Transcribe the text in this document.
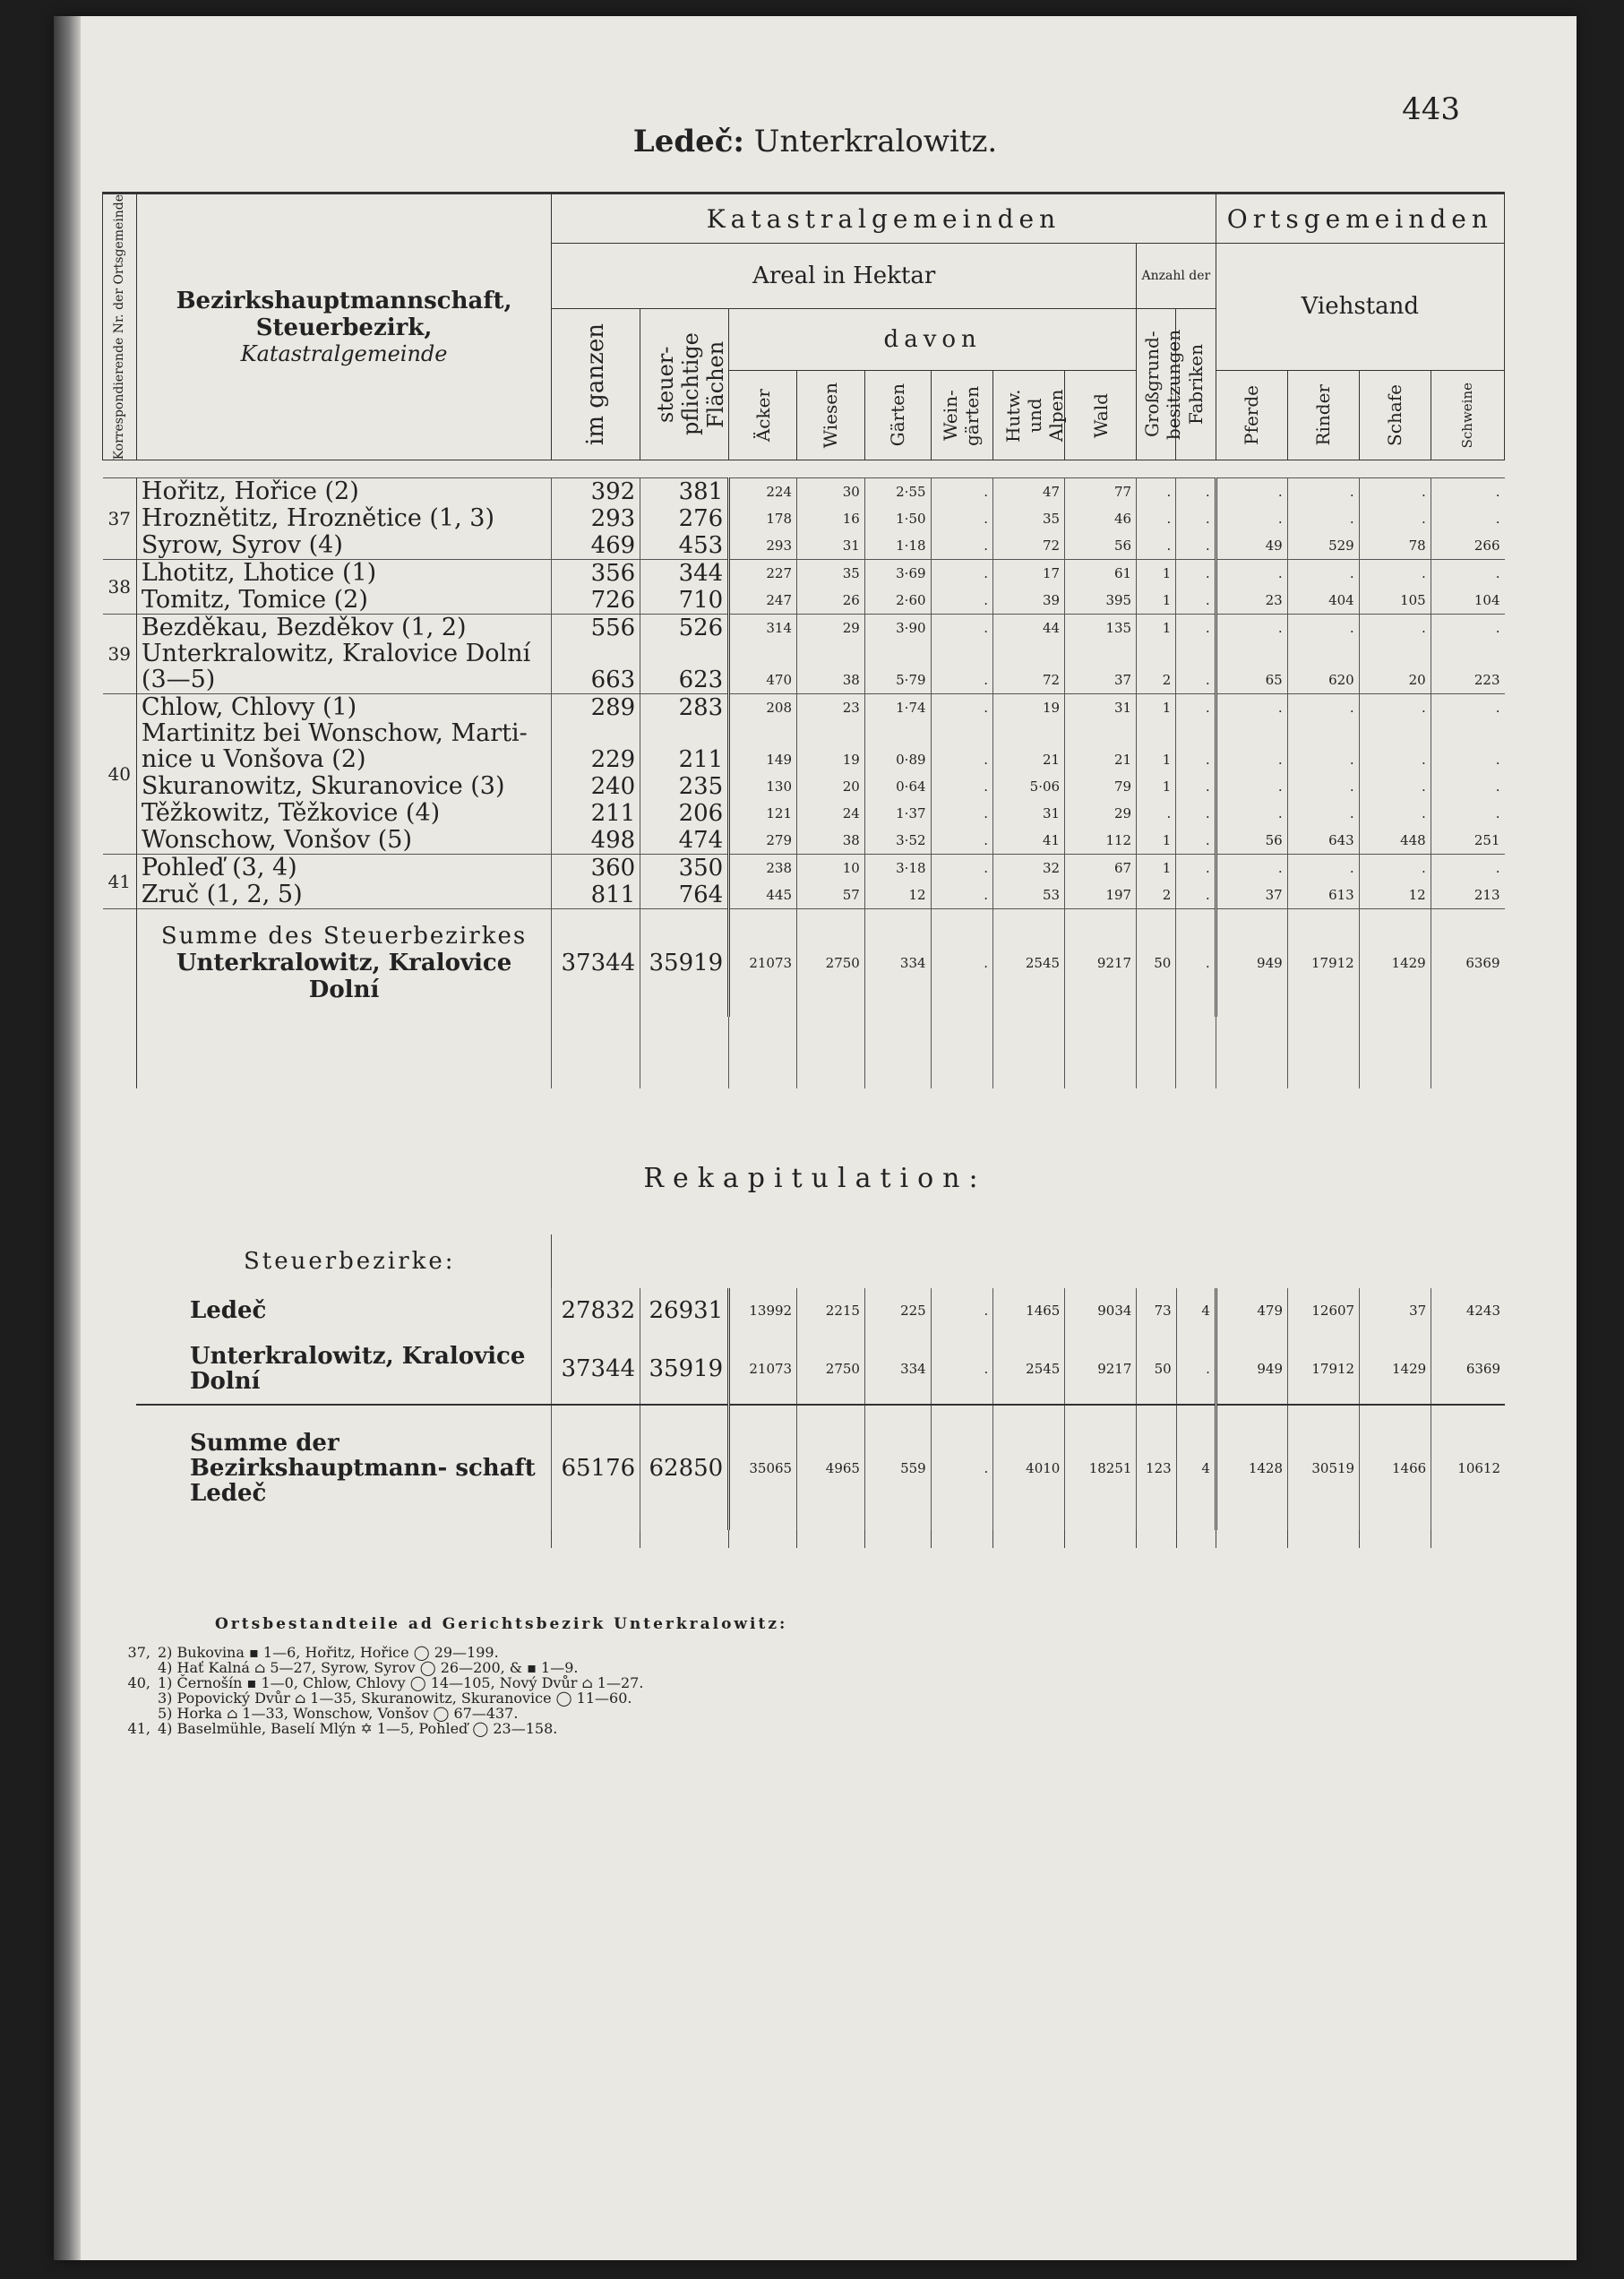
443
Ledeč: Unterkralowitz.
Korrespondierende Nr. der Ortsgemeinde	Bezirkshauptmannschaft,
Steuerbezirk,
Katastralgemeinde	Katastralgemeinden										Ortsgemeinden			
		Areal in Hektar								Anzahl der		Viehstand			

		im ganzen	steuer-pflichtige Flächen	davon						Großgrund-besitzungen	Fabriken				

				Äcker	Wiesen	Gärten	Wein-gärten	Hutw. und Alpen	Wald			Pferde	Rinder	Schafe	Schweine

37	Hořitz, Hořice (2)	392	381	224	30	2·55	.	47	77	.	.	.	.	.	.
	Hroznětitz, Hroznětice (1, 3)	293	276	178	16	1·50	.	35	46	.	.	.	.	.	.
	Syrow, Syrov (4)	469	453	293	31	1·18	.	72	56	.	.	49	529	78	266
38	Lhotitz, Lhotice (1)	356	344	227	35	3·69	.	17	61	1	.	.	.	.	.
	Tomitz, Tomice (2)	726	710	247	26	2·60	.	39	395	1	.	23	404	105	104
39	Bezděkau, Bezděkov (1, 2)	556	526	314	29	3·90	.	44	135	1	.	.	.	.	.
	Unterkralowitz, Kralovice Dolní														
	(3—5)	663	623	470	38	5·79	.	72	37	2	.	65	620	20	223
40	Chlow, Chlovy (1)	289	283	208	23	1·74	.	19	31	1	.	.	.	.	.
	Martinitz bei Wonschow, Marti-														
	nice u Vonšova (2)	229	211	149	19	0·89	.	21	21	1	.	.	.	.	.
	Skuranowitz, Skuranovice (3)	240	235	130	20	0·64	.	5·06	79	1	.	.	.	.	.
	Těžkowitz, Těžkovice (4)	211	206	121	24	1·37	.	31	29	.	.	.	.	.	.
	Wonschow, Vonšov (5)	498	474	279	38	3·52	.	41	112	1	.	56	643	448	251
41	Pohleď (3, 4)	360	350	238	10	3·18	.	32	67	1	.	.	.	.	.
	Zruč (1, 2, 5)	811	764	445	57	12	.	53	197	2	.	37	613	12	213

	Summe des Steuerbezirkes
Unterkralowitz, Kralovice
Dolní	37344	35919	21073	2750	334	.	2545	9217	50	.	949	17912	1429	6369

Rekapitulation:
	Steuerbezirke:														
	Ledeč	27832	26931	13992	2215	225	.	1465	9034	73	4	479	12607	37	4243
	Unterkralowitz, Kralovice Dolní	37344	35919	21073	2750	334	.	2545	9217	50	.	949	17912	1429	6369
	Summe der Bezirkshauptmann- schaft Ledeč	65176	62850	35065	4965	559	.	4010	18251	123	4	1428	30519	1466	10612

Ortsbestandteile ad Gerichtsbezirk Unterkralowitz:
37, 2) Bukovina ▪ 1—6, Hořitz, Hořice ◯ 29—199.
4) Hať Kalná ⌂ 5—27, Syrow, Syrov ◯ 26—200, & ▪ 1—9.
40, 1) Černošín ▪ 1—0, Chlow, Chlovy ◯ 14—105, Nový Dvůr ⌂ 1—27.
3) Popovický Dvůr ⌂ 1—35, Skuranowitz, Skuranovice ◯ 11—60.
5) Horka ⌂ 1—33, Wonschow, Vonšov ◯ 67—437.
41, 4) Baselmühle, Baselí Mlýn ✡ 1—5, Pohleď ◯ 23—158.
